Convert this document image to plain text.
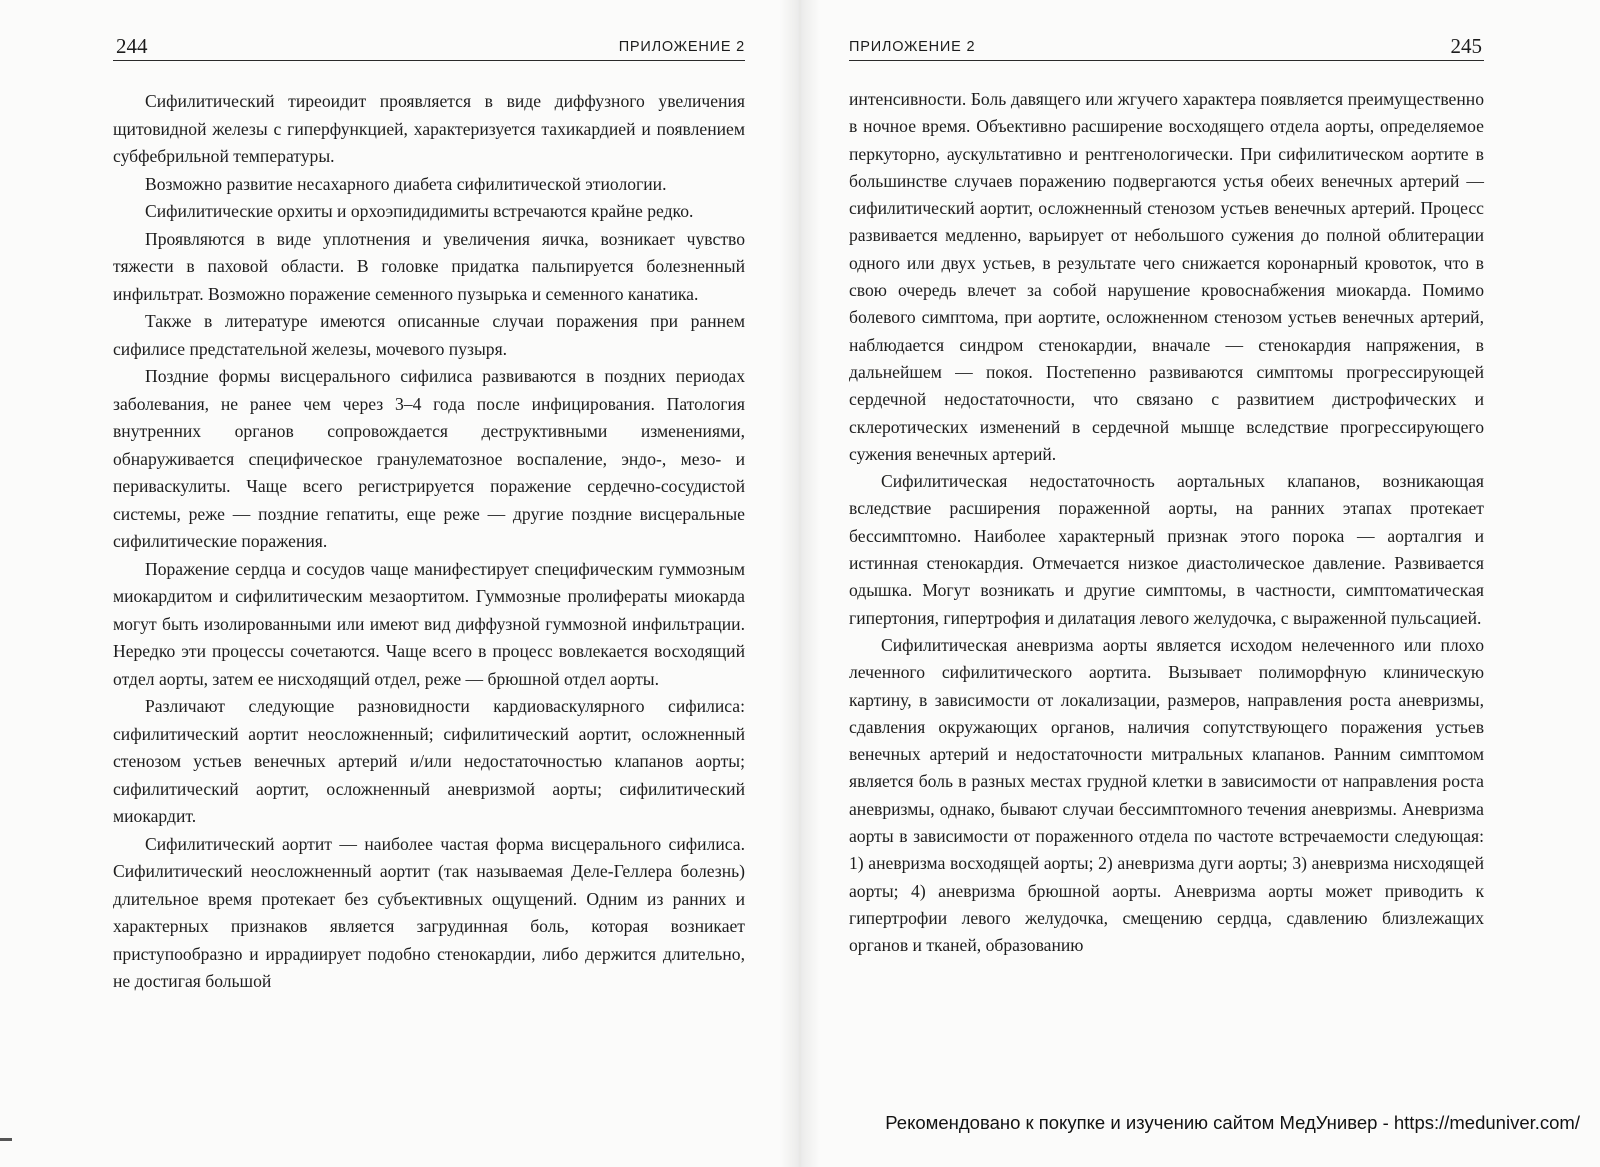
244	ПРИЛОЖЕНИЕ 2

Сифилитический тиреоидит проявляется в виде диффузного увеличения щитовидной железы с гиперфункцией, характеризуется тахикардией и появлением субфебрильной температуры.

Возможно развитие несахарного диабета сифилитической этиологии.

Сифилитические орхиты и орхоэпидидимиты встречаются крайне редко.

Проявляются в виде уплотнения и увеличения яичка, возникает чувство тяжести в паховой области. В головке придатка пальпируется болезненный инфильтрат. Возможно поражение семенного пузырька и семенного канатика.

Также в литературе имеются описанные случаи поражения при раннем сифилисе предстательной железы, мочевого пузыря.

Поздние формы висцерального сифилиса развиваются в поздних периодах заболевания, не ранее чем через 3–4 года после инфицирования. Патология внутренних органов сопровождается деструктивными изменениями, обнаруживается специфическое гранулематозное воспаление, эндо-, мезо- и периваскулиты. Чаще всего регистрируется поражение сердечно-сосудистой системы, реже — поздние гепатиты, еще реже — другие поздние висцеральные сифилитические поражения.

Поражение сердца и сосудов чаще манифестирует специфическим гуммозным миокардитом и сифилитическим мезаортитом. Гуммозные пролифераты миокарда могут быть изолированными или имеют вид диффузной гуммозной инфильтрации. Нередко эти процессы сочетаются. Чаще всего в процесс вовлекается восходящий отдел аорты, затем ее нисходящий отдел, реже — брюшной отдел аорты.

Различают следующие разновидности кардиоваскулярного сифилиса: сифилитический аортит неосложненный; сифилитический аортит, осложненный стенозом устьев венечных артерий и/или недостаточностью клапанов аорты; сифилитический аортит, осложненный аневризмой аорты; сифилитический миокардит.

Сифилитический аортит — наиболее частая форма висцерального сифилиса. Сифилитический неосложненный аортит (так называемая Деле-Геллера болезнь) длительное время протекает без субъективных ощущений. Одним из ранних и характерных признаков является загрудинная боль, которая возникает приступообразно и иррадиирует подобно стенокардии, либо держится длительно, не достигая большой

ПРИЛОЖЕНИЕ 2	245

интенсивности. Боль давящего или жгучего характера появляется преимущественно в ночное время. Объективно расширение восходящего отдела аорты, определяемое перкуторно, аускультативно и рентгенологически. При сифилитическом аортите в большинстве случаев поражению подвергаются устья обеих венечных артерий — сифилитический аортит, осложненный стенозом устьев венечных артерий. Процесс развивается медленно, варьирует от небольшого сужения до полной облитерации одного или двух устьев, в результате чего снижается коронарный кровоток, что в свою очередь влечет за собой нарушение кровоснабжения миокарда. Помимо болевого симптома, при аортите, осложненном стенозом устьев венечных артерий, наблюдается синдром стенокардии, вначале — стенокардия напряжения, в дальнейшем — покоя. Постепенно развиваются симптомы прогрессирующей сердечной недостаточности, что связано с развитием дистрофических и склеротических изменений в сердечной мышце вследствие прогрессирующего сужения венечных артерий.

Сифилитическая недостаточность аортальных клапанов, возникающая вследствие расширения пораженной аорты, на ранних этапах протекает бессимптомно. Наиболее характерный признак этого порока — аорталгия и истинная стенокардия. Отмечается низкое диастолическое давление. Развивается одышка. Могут возникать и другие симптомы, в частности, симптоматическая гипертония, гипертрофия и дилатация левого желудочка, с выраженной пульсацией.

Сифилитическая аневризма аорты является исходом нелеченного или плохо леченного сифилитического аортита. Вызывает полиморфную клиническую картину, в зависимости от локализации, размеров, направления роста аневризмы, сдавления окружающих органов, наличия сопутствующего поражения устьев венечных артерий и недостаточности митральных клапанов. Ранним симптомом является боль в разных местах грудной клетки в зависимости от направления роста аневризмы, однако, бывают случаи бессимптомного течения аневризмы. Аневризма аорты в зависимости от пораженного отдела по частоте встречаемости следующая: 1) аневризма восходящей аорты; 2) аневризма дуги аорты; 3) аневризма нисходящей аорты; 4) аневризма брюшной аорты. Аневризма аорты может приводить к гипертрофии левого желудочка, смещению сердца, сдавлению близлежащих органов и тканей, образованию

Рекомендовано к покупке и изучению сайтом МедУнивер - https://meduniver.com/
